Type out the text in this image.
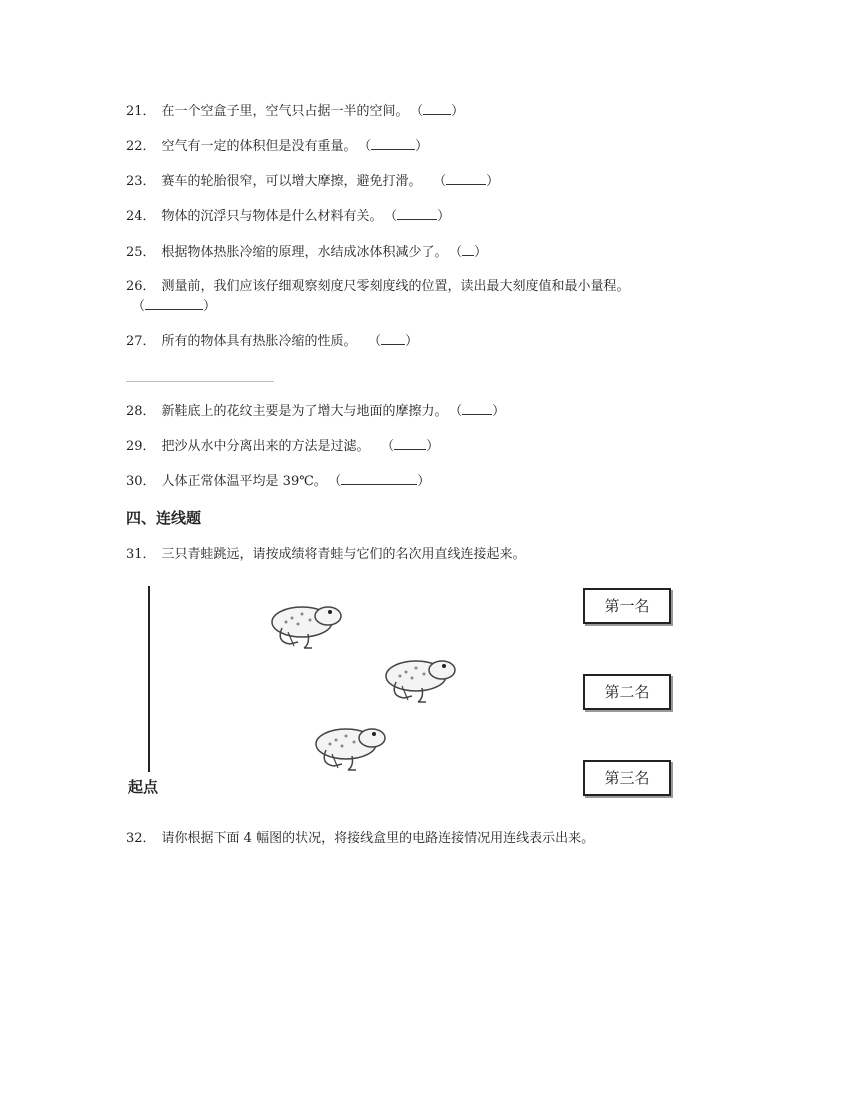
21． 在一个空盒子里，空气只占据一半的空间。 （ ）
22． 空气有一定的体积但是没有重量。 （	）
23． 赛车的轮胎很窄，可以增大摩擦，避免打滑。 （	）
24． 物体的沉浮只与物体是什么材料有关。 （	）
25． 根据物体热胀冷缩的原理，水结成冰体积减少了。 （ ）
26． 测量前，我们应该仔细观察刻度尺零刻度线的位置，读出最大刻度值和最小量程。
（	）
27． 所有的物体具有热胀冷缩的性质。 （ ）
28． 新鞋底上的花纹主要是为了增大与地面的摩擦力。 （ ）
29． 把沙从水中分离出来的方法是过滤。 （ ）
30． 人体正常体温平均是 39℃。 （	）
四、连线题
31． 三只青蛙跳远，请按成绩将青蛙与它们的名次用直线连接起来。
起点
第一名
第二名
第三名
32． 请你根据下面 4 幅图的状况，将接线盒里的电路连接情况用连线表示出来。
